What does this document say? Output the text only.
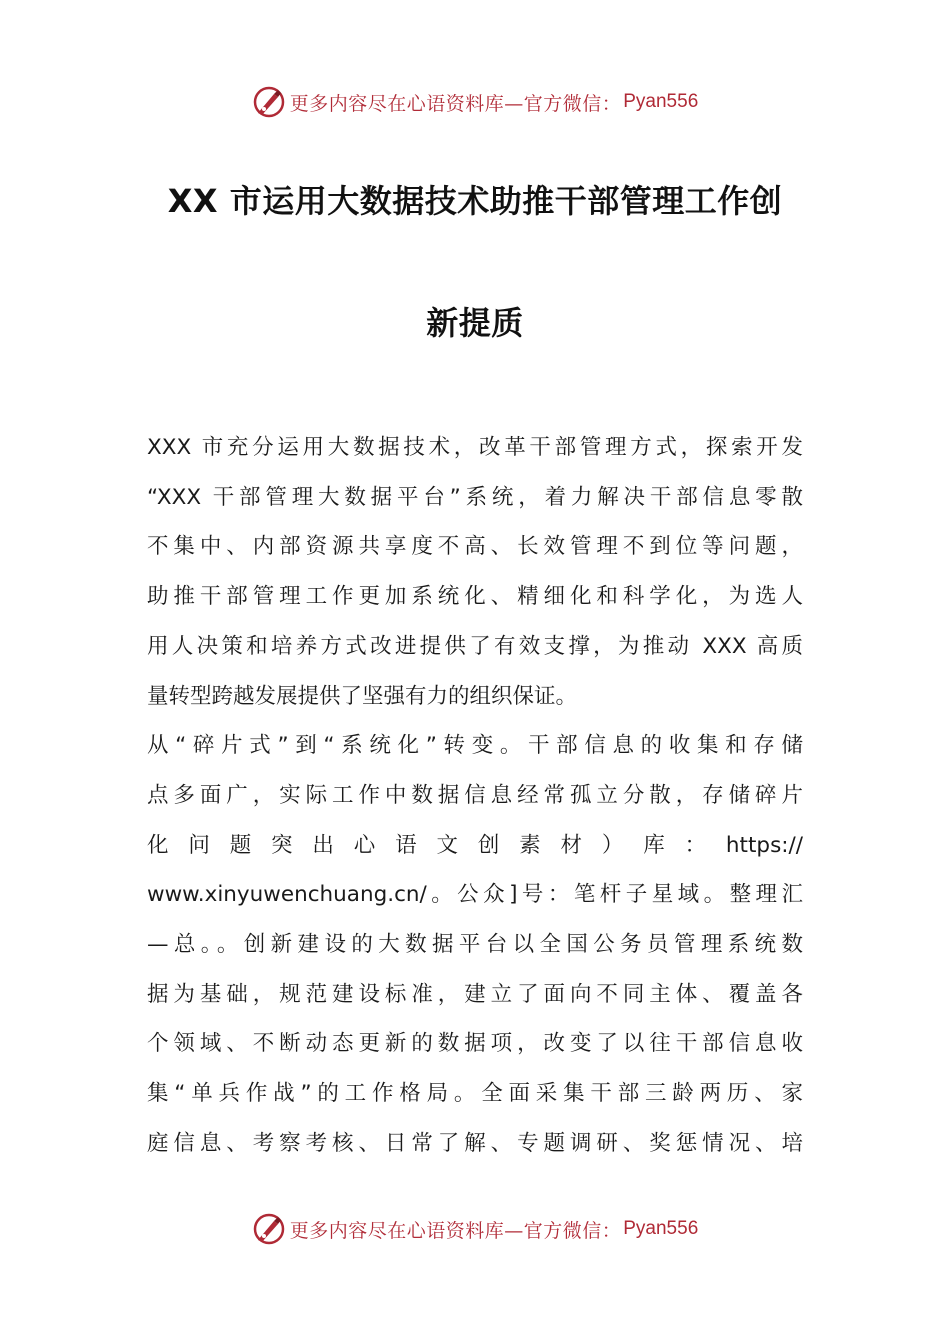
更多内容尽在心语资料库—官方微信： Pyan556
XX 市运用大数据技术助推干部管理工作创
新提质
XXX 市充分运用大数据技术，改革干部管理方式，探索开发
“XXX 干部管理大数据平台”系统，着力解决干部信息零散
不集中、内部资源共享度不高、长效管理不到位等问题，
助推干部管理工作更加系统化、精细化和科学化，为选人
用人决策和培养方式改进提供了有效支撑，为推动 XXX 高质
量转型跨越发展提供了坚强有力的组织保证。
从“碎片式”到“系统化”转变。干部信息的收集和存储
点多面广，实际工作中数据信息经常孤立分散，存储碎片
化 问 题 突 出 心 语 文 创 素 材 ） 库 ： https://
www.xinyuwenchuang.cn/。公众]号：笔杆子星域。整理汇
—总。。创新建设的大数据平台以全国公务员管理系统数
据为基础，规范建设标准，建立了面向不同主体、覆盖各
个领域、不断动态更新的数据项，改变了以往干部信息收
集“单兵作战”的工作格局。全面采集干部三龄两历、家
庭信息、考察考核、日常了解、专题调研、奖惩情况、培
更多内容尽在心语资料库—官方微信： Pyan556
